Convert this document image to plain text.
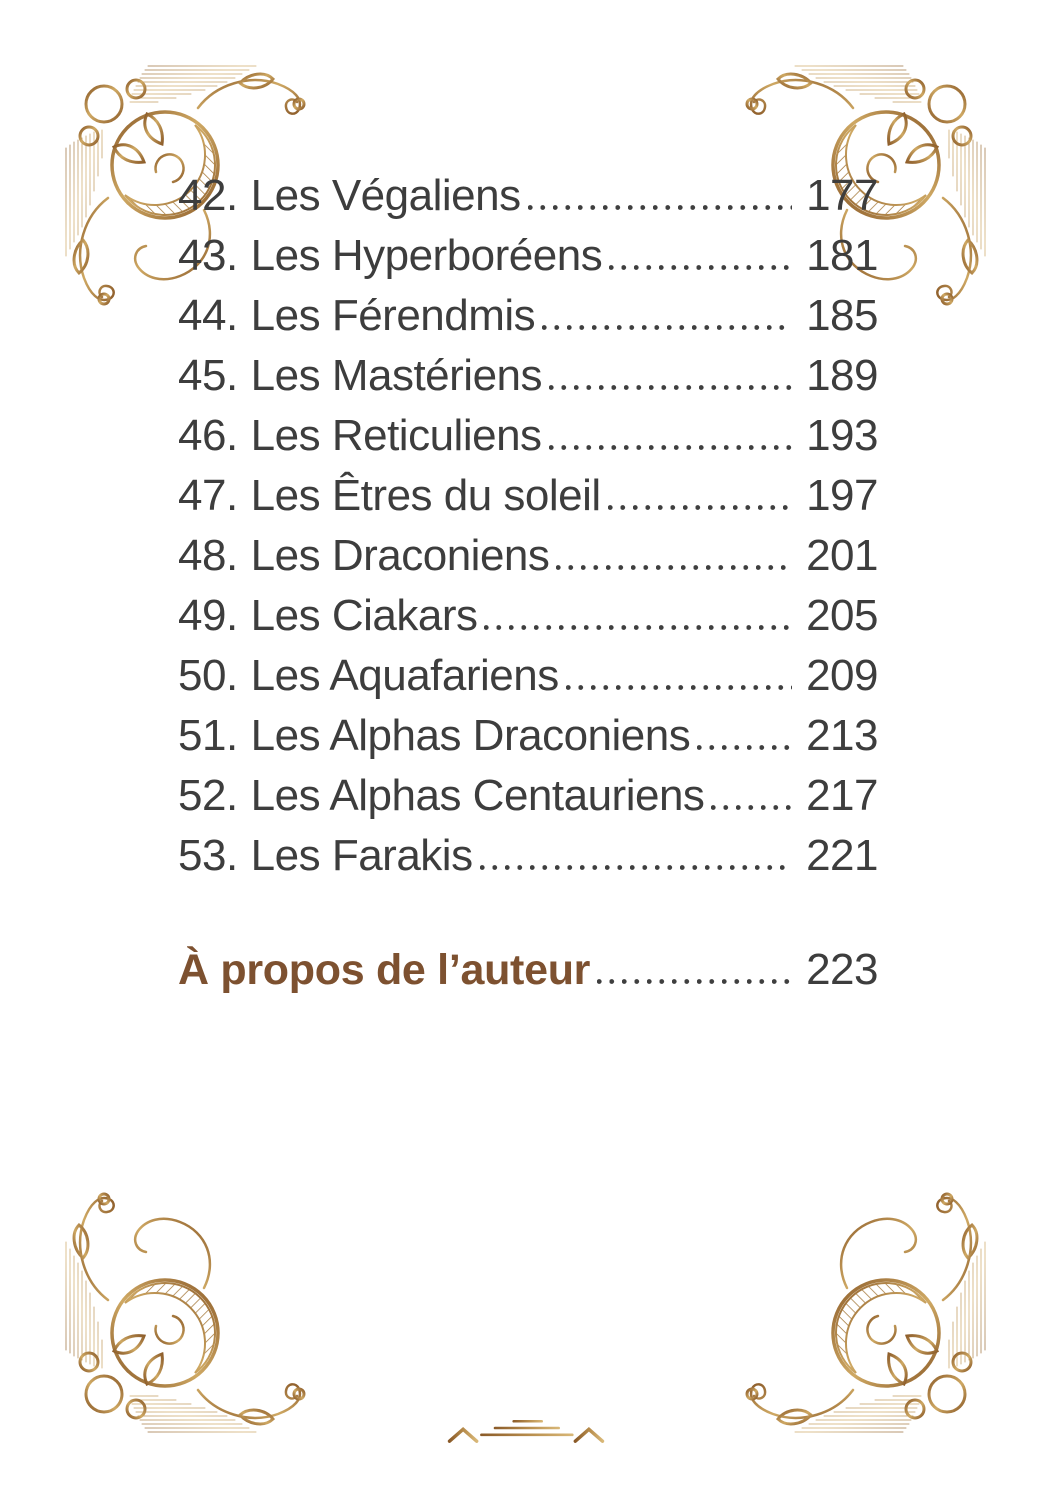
42. Les Végaliens	177
43. Les Hyperboréens	181
44. Les Férendmis	185
45. Les Mastériens	189
46. Les Reticuliens	193
47. Les Êtres du soleil	197
48. Les Draconiens	201
49. Les Ciakars	205
50. Les Aquafariens	209
51. Les Alphas Draconiens	213
52. Les Alphas Centauriens 217
53. Les Farakis	221
À propos de l’auteur	223
